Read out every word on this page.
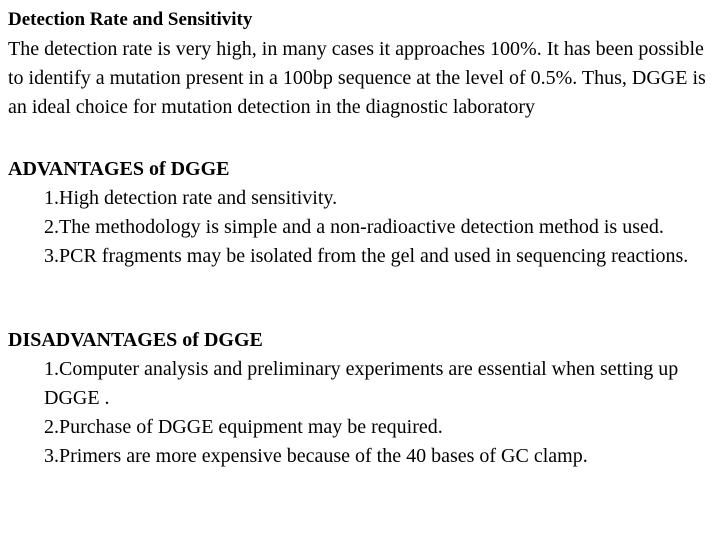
Detection Rate and Sensitivity
The detection rate is very high, in many cases it approaches 100%. It has been possible to identify a mutation present in a 100bp sequence at the level of 0.5%. Thus, DGGE is an ideal choice for mutation detection in the diagnostic laboratory
ADVANTAGES of DGGE
1.High detection rate and sensitivity.
2.The methodology is simple and a non-radioactive detection method is used.
3.PCR fragments may be isolated from the gel and used in sequencing reactions.
DISADVANTAGES of DGGE
1.Computer analysis and preliminary experiments are essential when setting up DGGE .
2.Purchase of DGGE equipment may be required.
3.Primers are more expensive because of the 40 bases of GC clamp.
